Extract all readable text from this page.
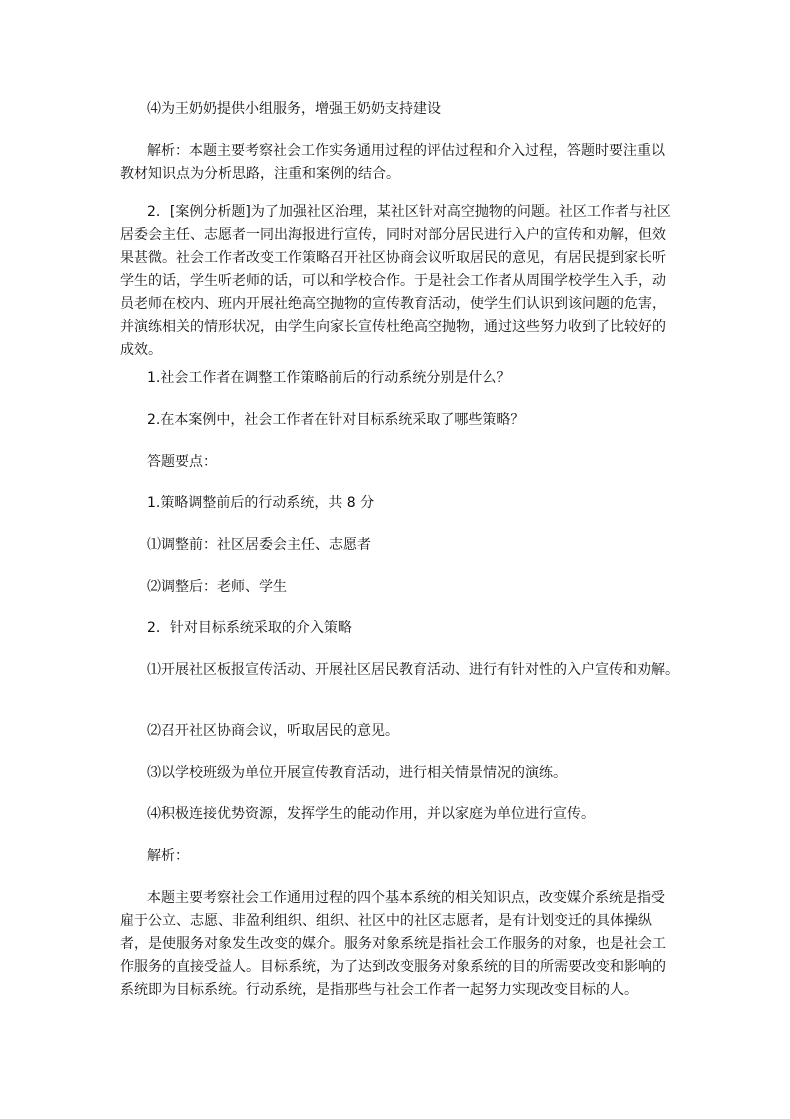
⑷为王奶奶提供小组服务，增强王奶奶支持建设

解析：本题主要考察社会工作实务通用过程的评估过程和介入过程，答题时要注重以教材知识点为分析思路，注重和案例的结合。

2．[案例分析题]为了加强社区治理，某社区针对高空抛物的问题。社区工作者与社区居委会主任、志愿者一同出海报进行宣传，同时对部分居民进行入户的宣传和劝解，但效果甚微。社会工作者改变工作策略召开社区协商会议听取居民的意见，有居民提到家长听学生的话，学生听老师的话，可以和学校合作。于是社会工作者从周围学校学生入手，动员老师在校内、班内开展社绝高空抛物的宣传教育活动，使学生们认识到该问题的危害，并演练相关的情形状况，由学生向家长宣传杜绝高空抛物，通过这些努力收到了比较好的成效。

1.社会工作者在调整工作策略前后的行动系统分别是什么？

2.在本案例中，社会工作者在针对目标系统采取了哪些策略？

答题要点：

1.策略调整前后的行动系统，共 8 分

⑴调整前：社区居委会主任、志愿者

⑵调整后：老师、学生

2．针对目标系统采取的介入策略

⑴开展社区板报宣传活动、开展社区居民教育活动、进行有针对性的入户宣传和劝解。

⑵召开社区协商会议，听取居民的意见。

⑶以学校班级为单位开展宣传教育活动，进行相关情景情况的演练。

⑷积极连接优势资源，发挥学生的能动作用，并以家庭为单位进行宣传。

解析：

本题主要考察社会工作通用过程的四个基本系统的相关知识点，改变媒介系统是指受雇于公立、志愿、非盈利组织、组织、社区中的社区志愿者，是有计划变迁的具体操纵者，是使服务对象发生改变的媒介。服务对象系统是指社会工作服务的对象，也是社会工作服务的直接受益人。目标系统，为了达到改变服务对象系统的目的所需要改变和影响的系统即为目标系统。行动系统，是指那些与社会工作者一起努力实现改变目标的人。
